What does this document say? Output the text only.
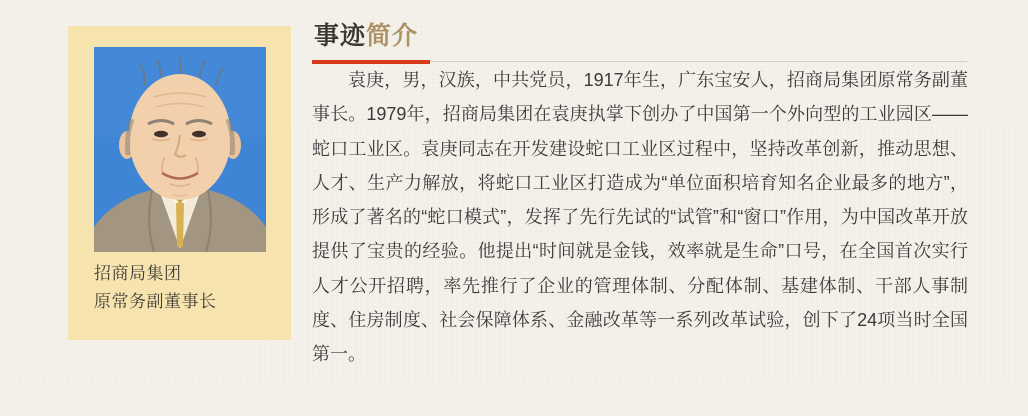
招商局集团
原常务副董事长
事迹简介

袁庚，男，汉族，中共党员，1917年生，广东宝安人，招商局集团原常务副董事长。1979年，招商局集团在袁庚执掌下创办了中国第一个外向型的工业园区——蛇口工业区。袁庚同志在开发建设蛇口工业区过程中，坚持改革创新，推动思想、人才、生产力解放，将蛇口工业区打造成为“单位面积培育知名企业最多的地方”，形成了著名的“蛇口模式”，发挥了先行先试的“试管”和“窗口”作用，为中国改革开放提供了宝贵的经验。他提出“时间就是金钱，效率就是生命”口号，在全国首次实行人才公开招聘，率先推行了企业的管理体制、分配体制、基建体制、干部人事制度、住房制度、社会保障体系、金融改革等一系列改革试验，创下了24项当时全国第一。
